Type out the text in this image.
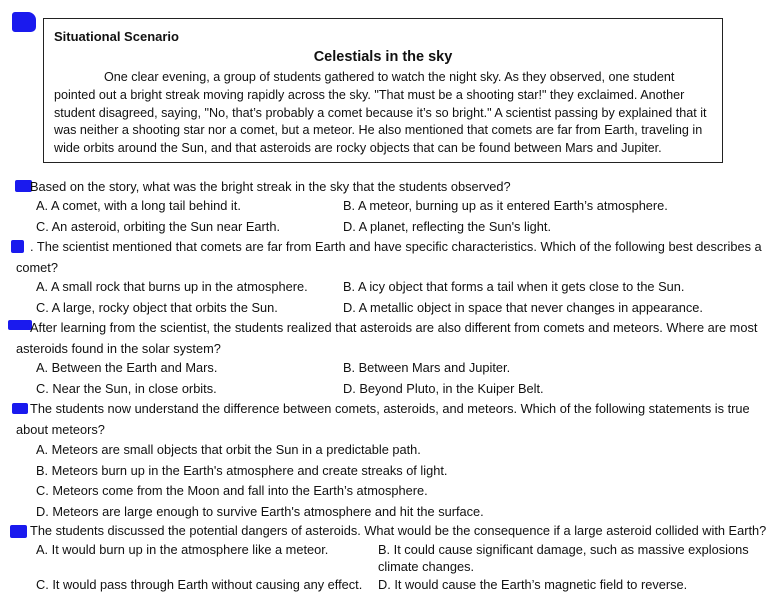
Situational Scenario
Celestials in the sky
One clear evening, a group of students gathered to watch the night sky. As they observed, one student pointed out a bright streak moving rapidly across the sky. "That must be a shooting star!" they exclaimed. Another student disagreed, saying, "No, that’s probably a comet because it’s so bright." A scientist passing by explained that it was neither a shooting star nor a comet, but a meteor. He also mentioned that comets are far from Earth, traveling in wide orbits around the Sun, and that asteroids are rocky objects that can be found between Mars and Jupiter.
Based on the story, what was the bright streak in the sky that the students observed?
A. A comet, with a long tail behind it.	B. A meteor, burning up as it entered Earth’s atmosphere.
C. An asteroid, orbiting the Sun near Earth.	D. A planet, reflecting the Sun's light.
. The scientist mentioned that comets are far from Earth and have specific characteristics. Which of the following best describes a comet?
A. A small rock that burns up in the atmosphere.	B. A icy object that forms a tail when it gets close to the Sun.
C. A large, rocky object that orbits the Sun.	D. A metallic object in space that never changes in appearance.
After learning from the scientist, the students realized that asteroids are also different from comets and meteors. Where are most asteroids found in the solar system?
A. Between the Earth and Mars.	B. Between Mars and Jupiter.
C. Near the Sun, in close orbits.	D. Beyond Pluto, in the Kuiper Belt.
The students now understand the difference between comets, asteroids, and meteors. Which of the following statements is true about meteors?
A. Meteors are small objects that orbit the Sun in a predictable path.
B. Meteors burn up in the Earth's atmosphere and create streaks of light.
C. Meteors come from the Moon and fall into the Earth’s atmosphere.
D. Meteors are large enough to survive Earth's atmosphere and hit the surface.
The students discussed the potential dangers of asteroids. What would be the consequence if a large asteroid collided with Earth?
A. It would burn up in the atmosphere like a meteor.	B. It could cause significant damage, such as massive explosions climate changes.
C. It would pass through Earth without causing any effect. D. It would cause the Earth’s magnetic field to reverse.
